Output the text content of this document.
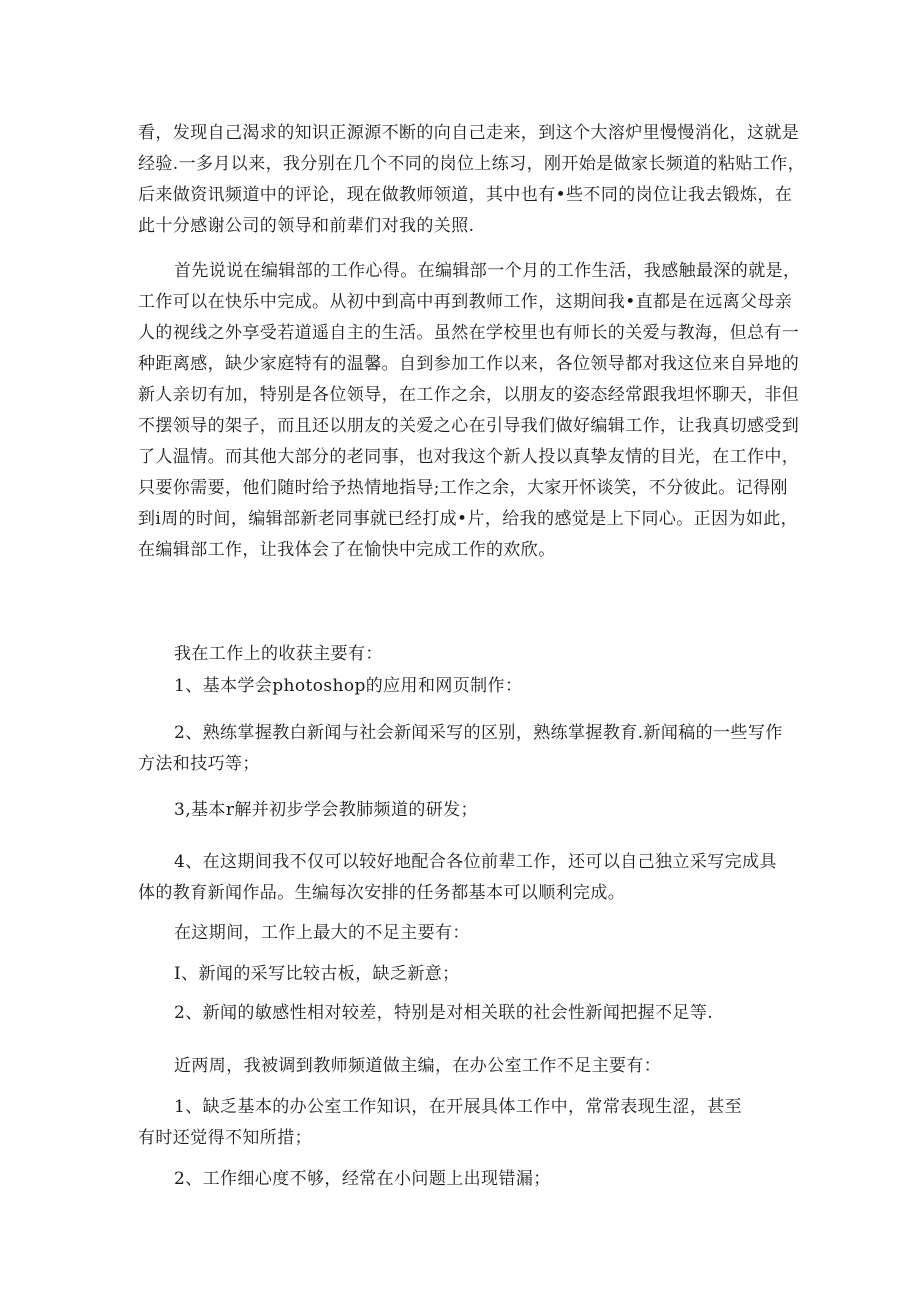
看，发现自己渴求的知识正源源不断的向自己走来，到这个大溶炉里慢慢消化，这就是
经验.一多月以来，我分别在几个不同的岗位上练习，刚开始是做家长频道的粘贴工作，
后来做资讯频道中的评论，现在做教师领道，其中也有•些不同的岗位让我去锻炼，在
此十分感谢公司的领导和前辈们对我的关照.
首先说说在编辑部的工作心得。在编辑部一个月的工作生活，我感触最深的就是，
工作可以在快乐中完成。从初中到高中再到教师工作，这期间我•直都是在远离父母亲
人的视线之外享受若道遥自主的生活。虽然在学校里也有师长的关爱与教海，但总有一
种距离感，缺少家庭特有的温馨。自到参加工作以来，各位领导都对我这位来自异地的
新人亲切有加，特别是各位领导，在工作之余，以朋友的姿态经常跟我坦怀聊天，非但
不摆领导的架子，而且还以朋友的关爱之心在引导我们做好编辑工作，让我真切感受到
了人温情。而其他大部分的老同事，也对我这个新人投以真挚友情的目光，在工作中，
只要你需要，他们随时给予热情地指导;工作之余，大家开怀谈笑，不分彼此。记得刚
到i周的时间，编辑部新老同事就已经打成•片，给我的感觉是上下同心。正因为如此，
在编辑部工作，让我体会了在愉快中完成工作的欢欣。
我在工作上的收获主要有：
1、基本学会photoshop的应用和网页制作：
2、熟练掌握教白新闻与社会新闻采写的区别，熟练掌握教育.新闻稿的一些写作
方法和技巧等；
3,基本r解并初步学会教肺频道的研发；
4、在这期间我不仅可以较好地配合各位前辈工作，还可以自己独立采写完成具
体的教育新闻作品。生编每次安排的任务都基本可以顺利完成。
在这期间，工作上最大的不足主要有：
I、新闻的采写比较古板，缺乏新意；
2、新闻的敏感性相对较差，特别是对相关联的社会性新闻把握不足等.
近两周，我被调到教师频道做主编，在办公室工作不足主要有：
1、缺乏基本的办公室工作知识，在开展具体工作中，常常表现生涩，甚至
有时还觉得不知所措；
2、工作细心度不够，经常在小问题上出现错漏；
